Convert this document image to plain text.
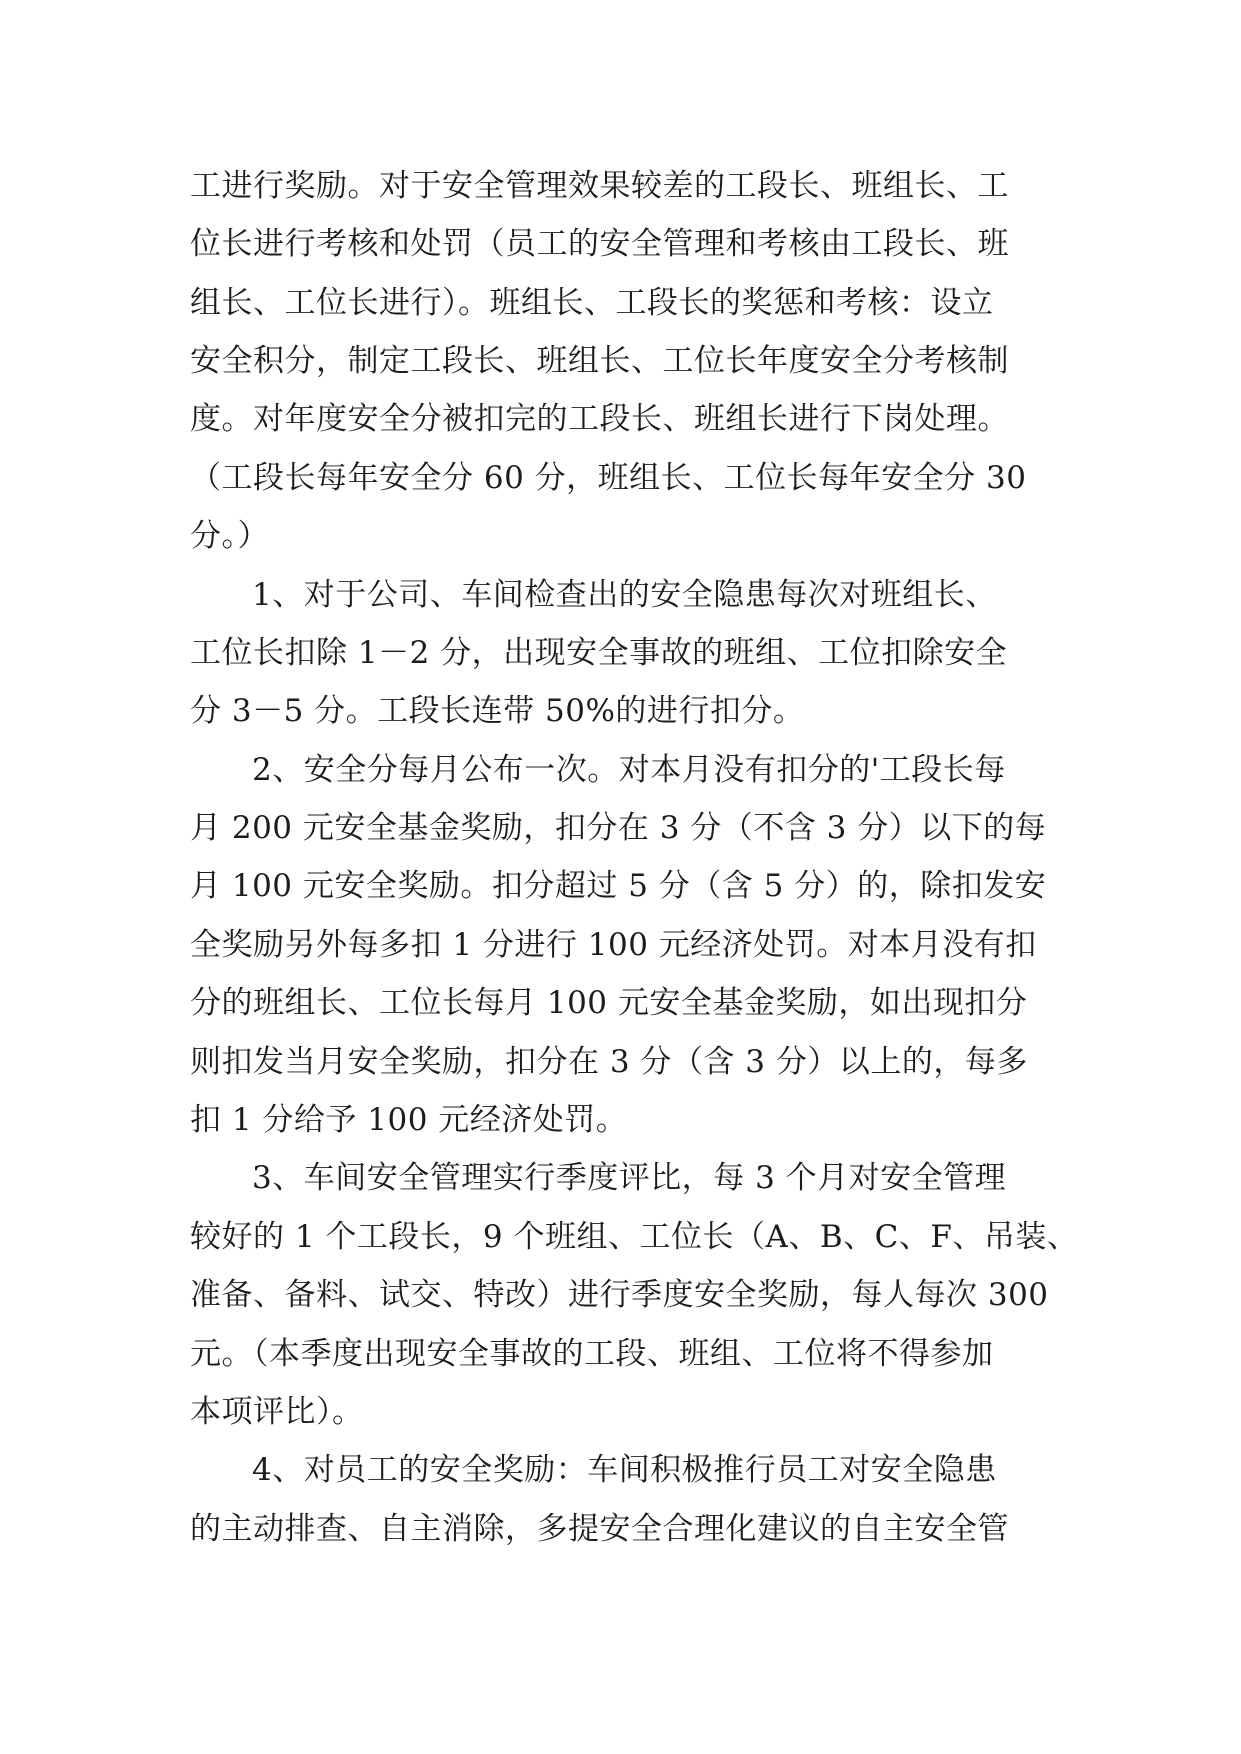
工进行奖励。对于安全管理效果较差的工段长、班组长、工

位长进行考核和处罚（员工的安全管理和考核由工段长、班

组长、工位长进行）。班组长、工段长的奖惩和考核：设立

安全积分，制定工段长、班组长、工位长年度安全分考核制

度。对年度安全分被扣完的工段长、班组长进行下岗处理。

（工段长每年安全分 60 分，班组长、工位长每年安全分 30

分。）

1、对于公司、车间检查出的安全隐患每次对班组长、

工位长扣除 1－2 分，出现安全事故的班组、工位扣除安全

分 3－5 分。工段长连带 50%的进行扣分。

2、安全分每月公布一次。对本月没有扣分的'工段长每

月 200 元安全基金奖励，扣分在 3 分（不含 3 分）以下的每

月 100 元安全奖励。扣分超过 5 分（含 5 分）的，除扣发安

全奖励另外每多扣 1 分进行 100 元经济处罚。对本月没有扣

分的班组长、工位长每月 100 元安全基金奖励，如出现扣分

则扣发当月安全奖励，扣分在 3 分（含 3 分）以上的，每多

扣 1 分给予 100 元经济处罚。

3、车间安全管理实行季度评比，每 3 个月对安全管理

较好的 1 个工段长，9 个班组、工位长（A、B、C、F、吊装、

准备、备料、试交、特改）进行季度安全奖励，每人每次 300

元。（本季度出现安全事故的工段、班组、工位将不得参加

本项评比）。

4、对员工的安全奖励：车间积极推行员工对安全隐患

的主动排查、自主消除，多提安全合理化建议的自主安全管
